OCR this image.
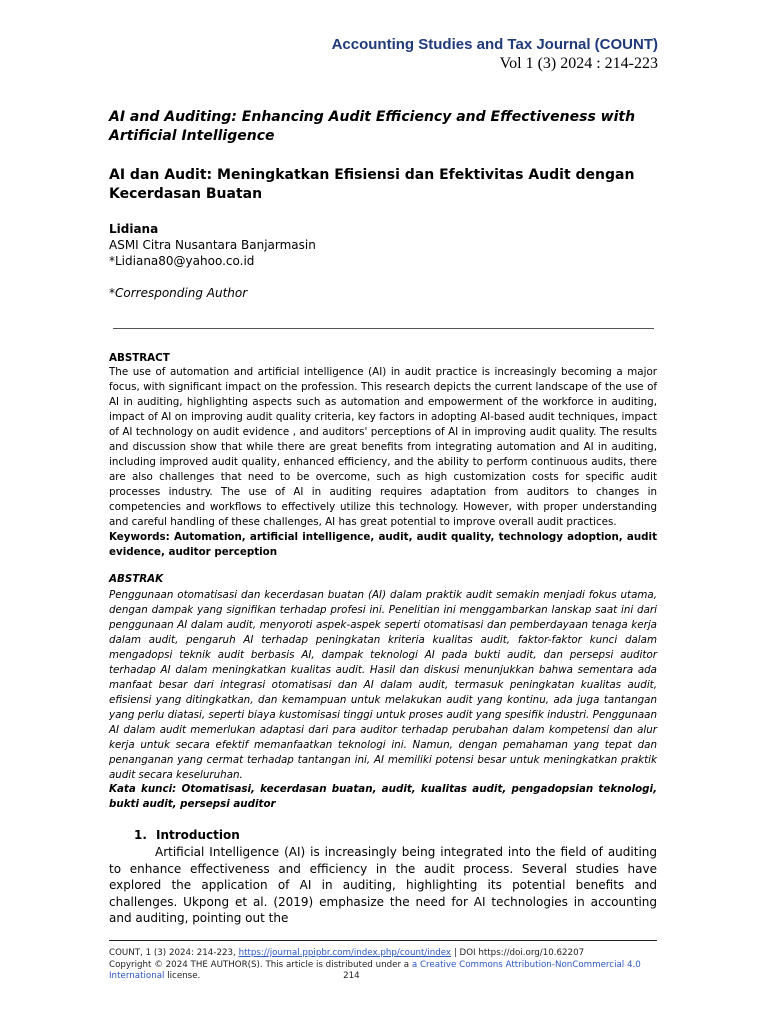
Accounting Studies and Tax Journal (COUNT)
Vol 1 (3) 2024 : 214-223
AI and Auditing: Enhancing Audit Efficiency and Effectiveness with Artificial Intelligence
AI dan Audit: Meningkatkan Efisiensi dan Efektivitas Audit dengan Kecerdasan Buatan
Lidiana
ASMI Citra Nusantara Banjarmasin
*Lidiana80@yahoo.co.id
*Corresponding Author
ABSTRACT
The use of automation and artificial intelligence (AI) in audit practice is increasingly becoming a major focus, with significant impact on the profession. This research depicts the current landscape of the use of AI in auditing, highlighting aspects such as automation and empowerment of the workforce in auditing, impact of AI on improving audit quality criteria, key factors in adopting AI-based audit techniques, impact of AI technology on audit evidence , and auditors' perceptions of AI in improving audit quality. The results and discussion show that while there are great benefits from integrating automation and AI in auditing, including improved audit quality, enhanced efficiency, and the ability to perform continuous audits, there are also challenges that need to be overcome, such as high customization costs for specific audit processes industry. The use of AI in auditing requires adaptation from auditors to changes in competencies and workflows to effectively utilize this technology. However, with proper understanding and careful handling of these challenges, AI has great potential to improve overall audit practices.
Keywords: Automation, artificial intelligence, audit, audit quality, technology adoption, audit evidence, auditor perception
ABSTRAK
Penggunaan otomatisasi dan kecerdasan buatan (AI) dalam praktik audit semakin menjadi fokus utama, dengan dampak yang signifikan terhadap profesi ini. Penelitian ini menggambarkan lanskap saat ini dari penggunaan AI dalam audit, menyoroti aspek-aspek seperti otomatisasi dan pemberdayaan tenaga kerja dalam audit, pengaruh AI terhadap peningkatan kriteria kualitas audit, faktor-faktor kunci dalam mengadopsi teknik audit berbasis AI, dampak teknologi AI pada bukti audit, dan persepsi auditor terhadap AI dalam meningkatkan kualitas audit. Hasil dan diskusi menunjukkan bahwa sementara ada manfaat besar dari integrasi otomatisasi dan AI dalam audit, termasuk peningkatan kualitas audit, efisiensi yang ditingkatkan, dan kemampuan untuk melakukan audit yang kontinu, ada juga tantangan yang perlu diatasi, seperti biaya kustomisasi tinggi untuk proses audit yang spesifik industri. Penggunaan AI dalam audit memerlukan adaptasi dari para auditor terhadap perubahan dalam kompetensi dan alur kerja untuk secara efektif memanfaatkan teknologi ini. Namun, dengan pemahaman yang tepat dan penanganan yang cermat terhadap tantangan ini, AI memiliki potensi besar untuk meningkatkan praktik audit secara keseluruhan.
Kata kunci: Otomatisasi, kecerdasan buatan, audit, kualitas audit, pengadopsian teknologi, bukti audit, persepsi auditor
1. Introduction
Artificial Intelligence (AI) is increasingly being integrated into the field of auditing to enhance effectiveness and efficiency in the audit process. Several studies have explored the application of AI in auditing, highlighting its potential benefits and challenges. Ukpong et al. (2019) emphasize the need for AI technologies in accounting and auditing, pointing out the
COUNT, 1 (3) 2024: 214-223, https://journal.ppipbr.com/index.php/count/index | DOI https://doi.org/10.62207
Copyright © 2024 THE AUTHOR(S). This article is distributed under a a Creative Commons Attribution-NonCommercial 4.0 International license.	214
